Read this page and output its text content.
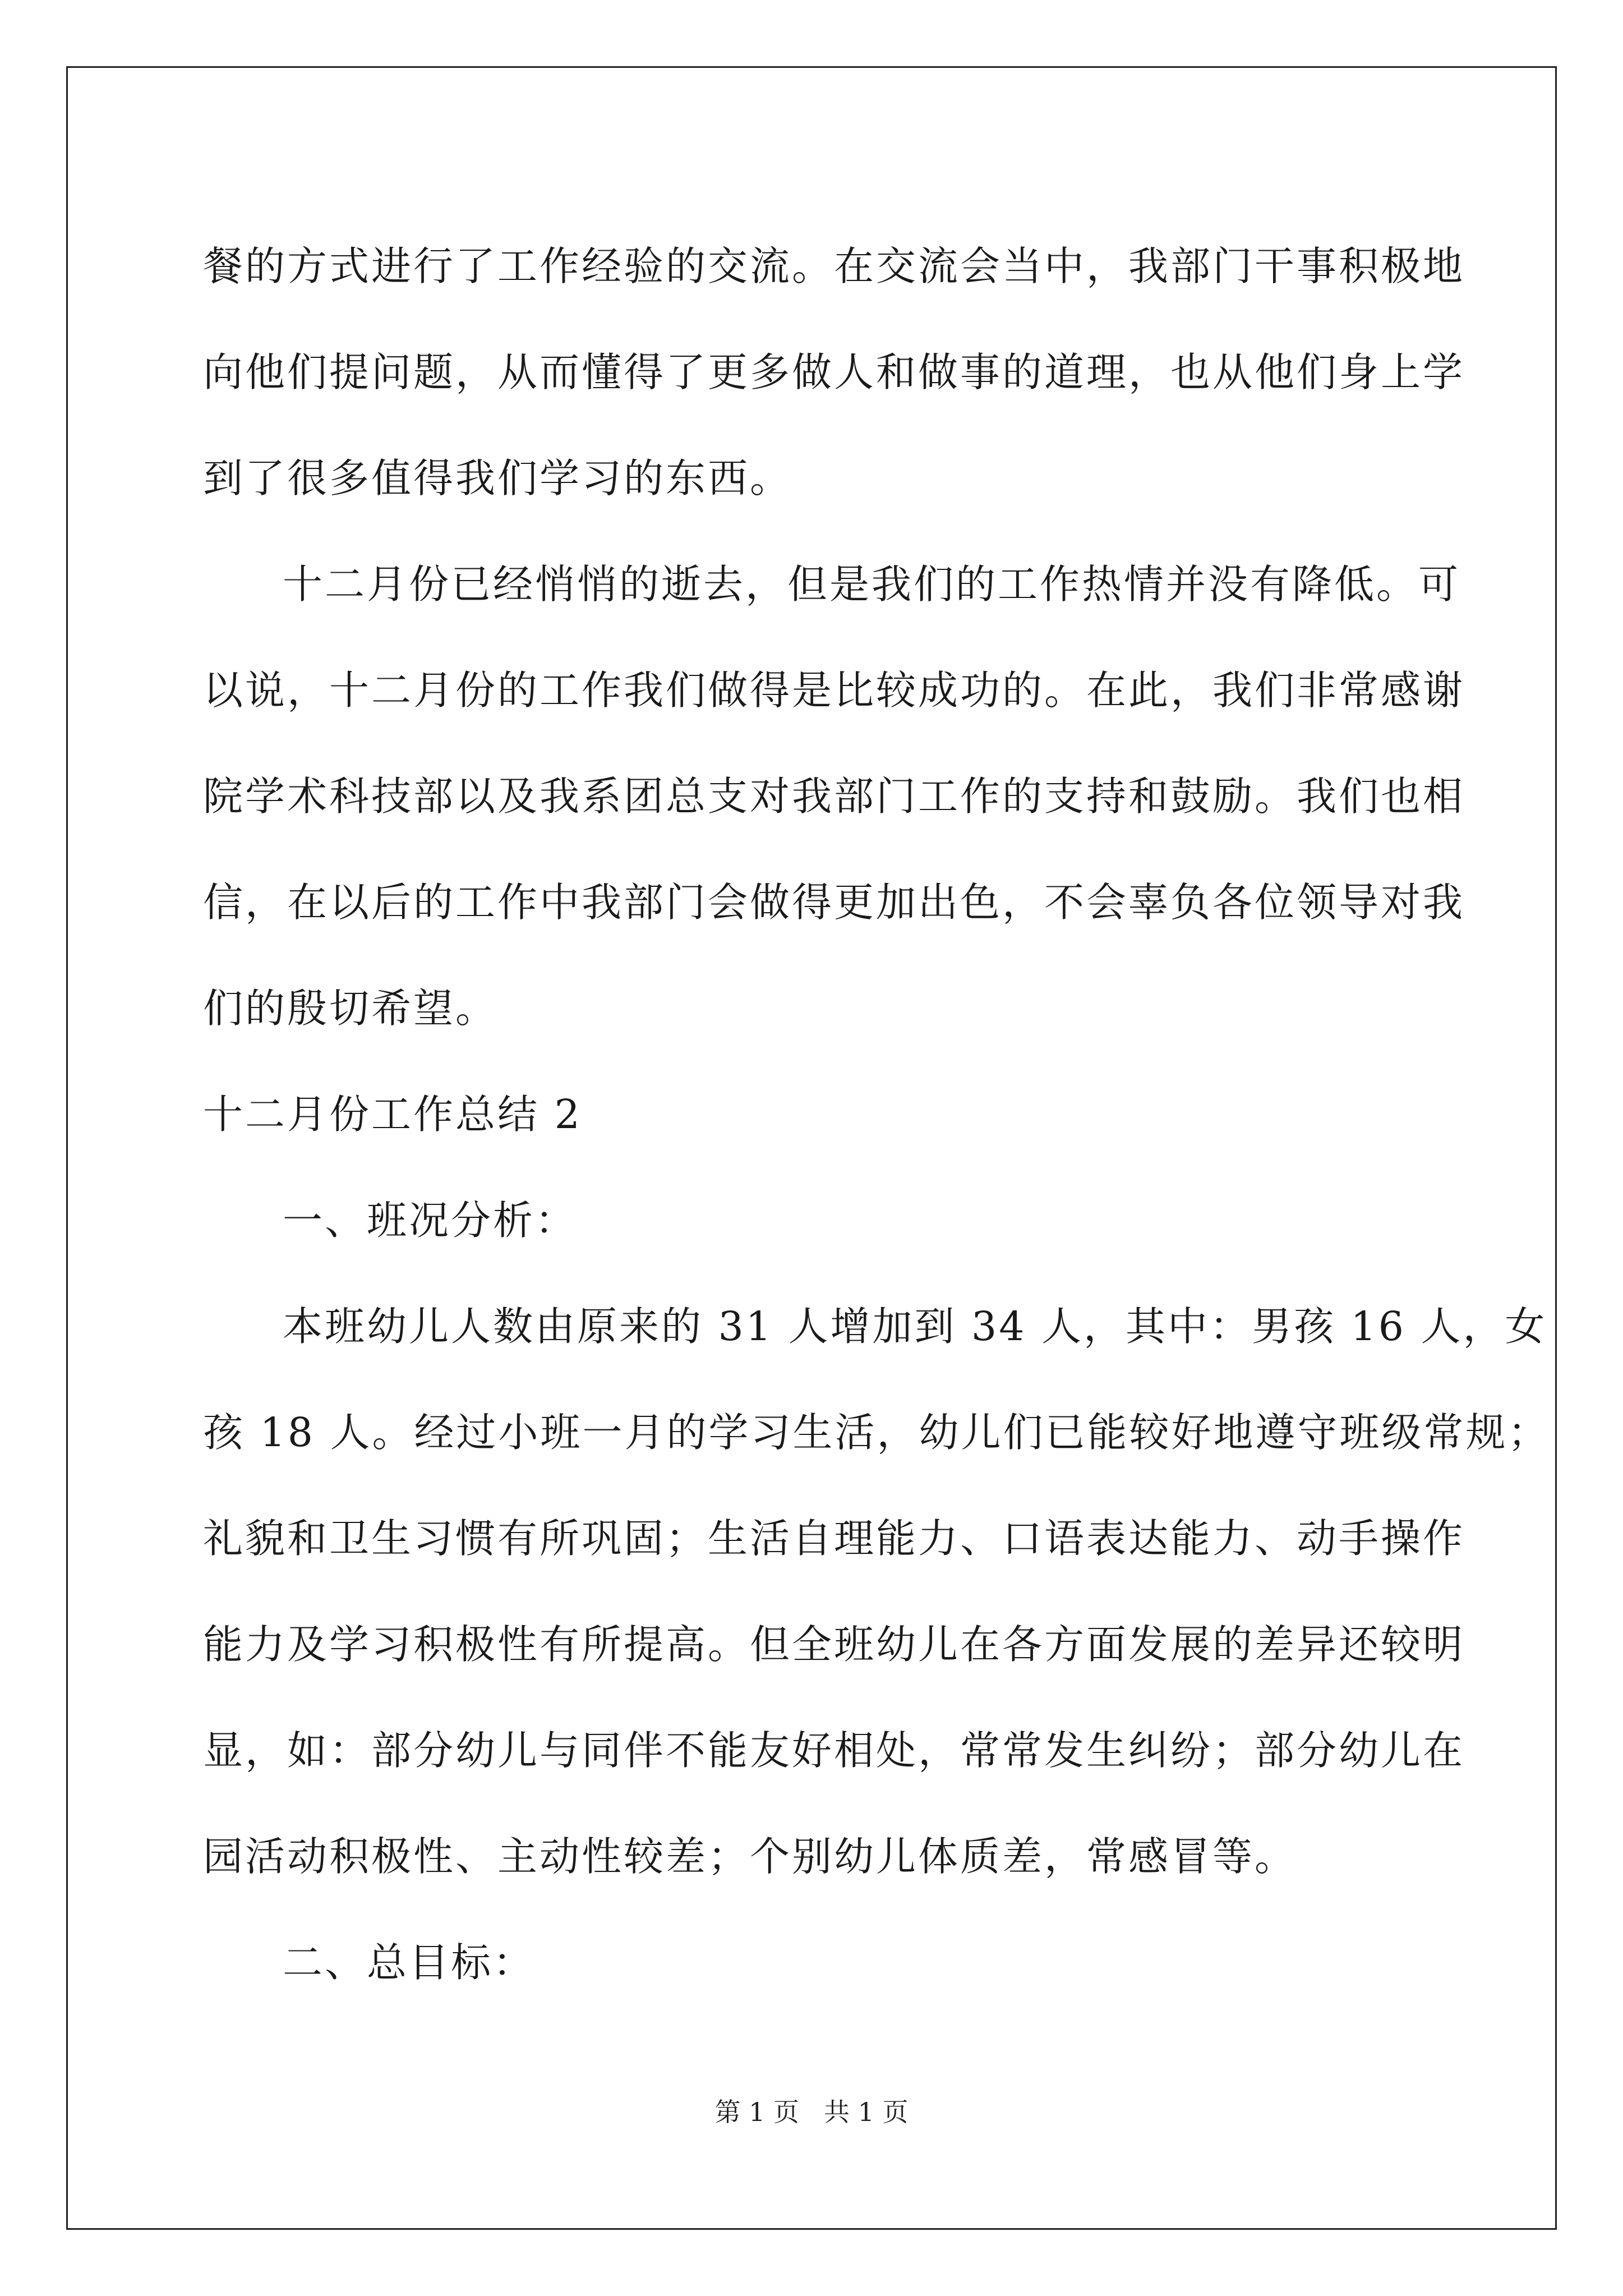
餐的方式进行了工作经验的交流。在交流会当中，我部门干事积极地
向他们提问题，从而懂得了更多做人和做事的道理，也从他们身上学
到了很多值得我们学习的东西。
十二月份已经悄悄的逝去，但是我们的工作热情并没有降低。可
以说，十二月份的工作我们做得是比较成功的。在此，我们非常感谢
院学术科技部以及我系团总支对我部门工作的支持和鼓励。我们也相
信，在以后的工作中我部门会做得更加出色，不会辜负各位领导对我
们的殷切希望。
十二月份工作总结 2
一、班况分析：
本班幼儿人数由原来的 31 人增加到 34 人，其中：男孩 16 人，女
孩 18 人。经过小班一月的学习生活，幼儿们已能较好地遵守班级常规；
礼貌和卫生习惯有所巩固；生活自理能力、口语表达能力、动手操作
能力及学习积极性有所提高。但全班幼儿在各方面发展的差异还较明
显，如：部分幼儿与同伴不能友好相处，常常发生纠纷；部分幼儿在
园活动积极性、主动性较差；个别幼儿体质差，常感冒等。
二、总目标：
第 1 页 共 1 页
